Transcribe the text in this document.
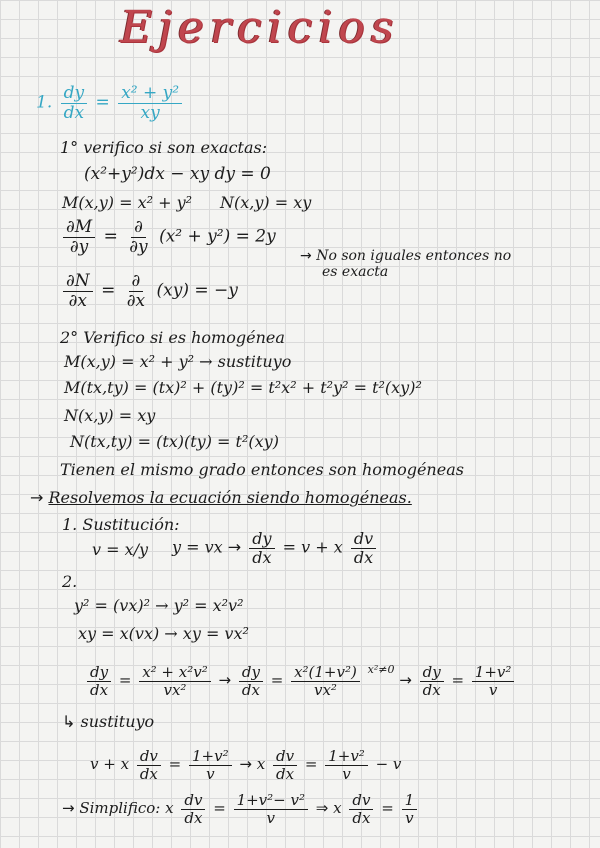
Ejercicios
1. $\frac{dy}{dx} = \frac{\text{x² + y²}}{xy}$
1° verifico si son exactas:
(x²+y²)dx − xy dy = 0
M(x,y) = x² + y² N(x,y) = xy
$\frac{\partial M}{\partial y} = \frac{\partial}{\partial y} (x^2 + y^2) = 2y$
→ No son iguales entonces no
es exacta
$\frac{\partial N}{\partial x} = \frac{\partial}{\partial x} (xy) = -y$
2° Verifico si es homogénea
M(x,y) = x² + y² → sustituyo
M(tx,ty) = (tx)² + (ty)² = t²x² + t²y² = t²(xy)²
N(x,y) = xy
N(tx,ty) = (tx)(ty) = t²(xy)
Tienen el mismo grado entonces son homogéneas
→ Resolvemos la ecuación siendo homogéneas.
1. Sustitución:
v = x/y y = vx → $\frac{dy}{dx} = v + x \frac{dv}{dx}$
2.
y² = (vx)² → y² = x²v²
xy = x(vx) → xy = vx²
$\frac{dy}{dx} = \frac{\text{x² + x²v²}}{\text{vx²}} \to \frac{dy}{dx} = \frac{\text{x²(1+v²)}}{\text{vx²}} ^{x^2\ne 0} \to \frac{dy}{dx} = \frac{\text{1+v²}}{v}$
↳ sustituyo
v + x $\frac{dv}{dx} = \frac{\text{1+v²}}{v} \to x \frac{dv}{dx} = \frac{\text{1+v²}}{v} - v$
→ Simplifico: x $\frac{dv}{dx} = \frac{\text{1+v²− v²}}{v}$ ⇒ x $\frac{dv}{dx} = \frac{1}{v}$
